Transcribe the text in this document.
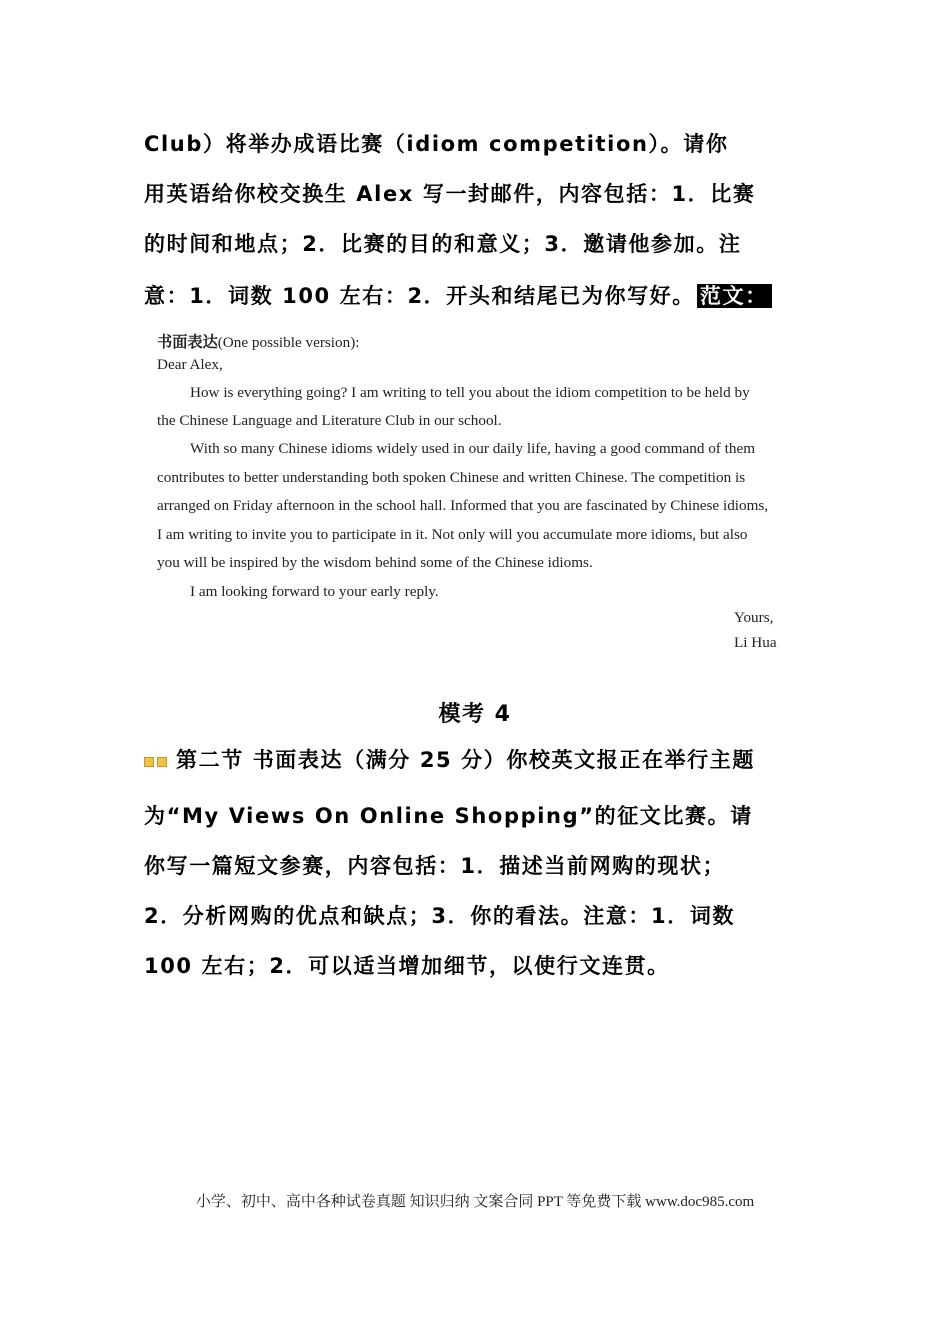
Club）将举办成语比赛（idiom competition）。请你
用英语给你校交换生 Alex 写一封邮件，内容包括：1．比赛
的时间和地点；2．比赛的目的和意义；3．邀请他参加。注
意：1．词数 100 左右：2．开头和结尾已为你写好。 范文：
书面表达(One possible version):
Dear Alex,
How is everything going? I am writing to tell you about the idiom competition to be held by
the Chinese Language and Literature Club in our school.
With so many Chinese idioms widely used in our daily life, having a good command of them
contributes to better understanding both spoken Chinese and written Chinese. The competition is
arranged on Friday afternoon in the school hall. Informed that you are fascinated by Chinese idioms,
I am writing to invite you to participate in it. Not only will you accumulate more idioms, but also
you will be inspired by the wisdom behind some of the Chinese idioms.
I am looking forward to your early reply.
Yours,
Li Hua
模考 4
第二节 书面表达（满分 25 分）你校英文报正在举行主题
为“My Views On Online Shopping”的征文比赛。请
你写一篇短文参赛，内容包括：1．描述当前网购的现状；
2．分析网购的优点和缺点；3．你的看法。注意：1．词数
100 左右；2．可以适当增加细节，以使行文连贯。
小学、初中、高中各种试卷真题 知识归纳 文案合同 PPT 等免费下载 www.doc985.com
